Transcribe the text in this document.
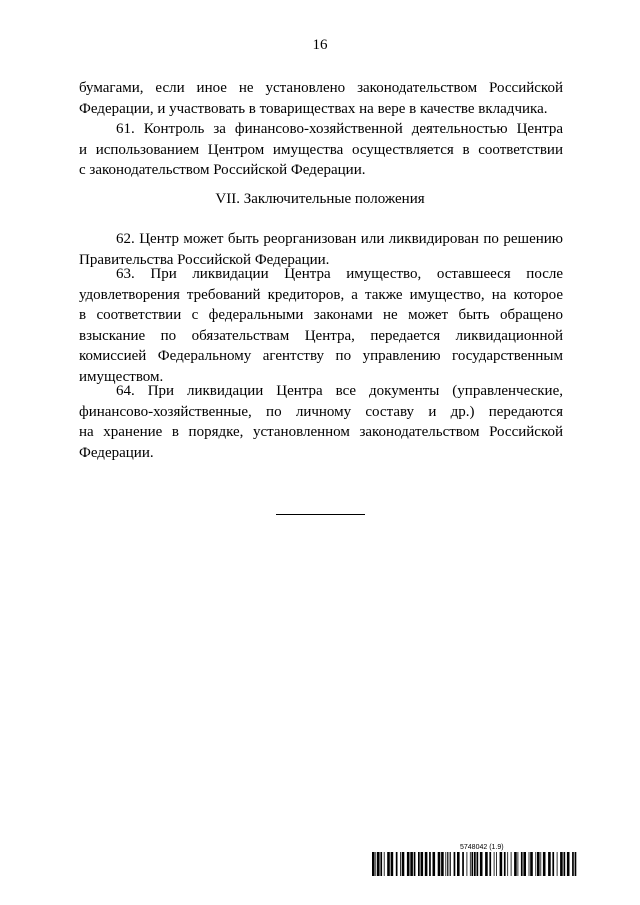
16
бумагами, если иное не установлено законодательством Российской
Федерации, и участвовать в товариществах на вере в качестве вкладчика.
61. Контроль за финансово-хозяйственной деятельностью Центра
и использованием Центром имущества осуществляется в соответствии
с законодательством Российской Федерации.
VII. Заключительные положения
62. Центр может быть реорганизован или ликвидирован по решению
Правительства Российской Федерации.
63. При ликвидации Центра имущество, оставшееся после
удовлетворения требований кредиторов, а также имущество, на которое
в соответствии с федеральными законами не может быть обращено
взыскание по обязательствам Центра, передается ликвидационной
комиссией Федеральному агентству по управлению государственным
имуществом.
64. При ликвидации Центра все документы (управленческие,
финансово-хозяйственные, по личному составу и др.) передаются
на хранение в порядке, установленном законодательством Российской
Федерации.
5748042 (1.9)
